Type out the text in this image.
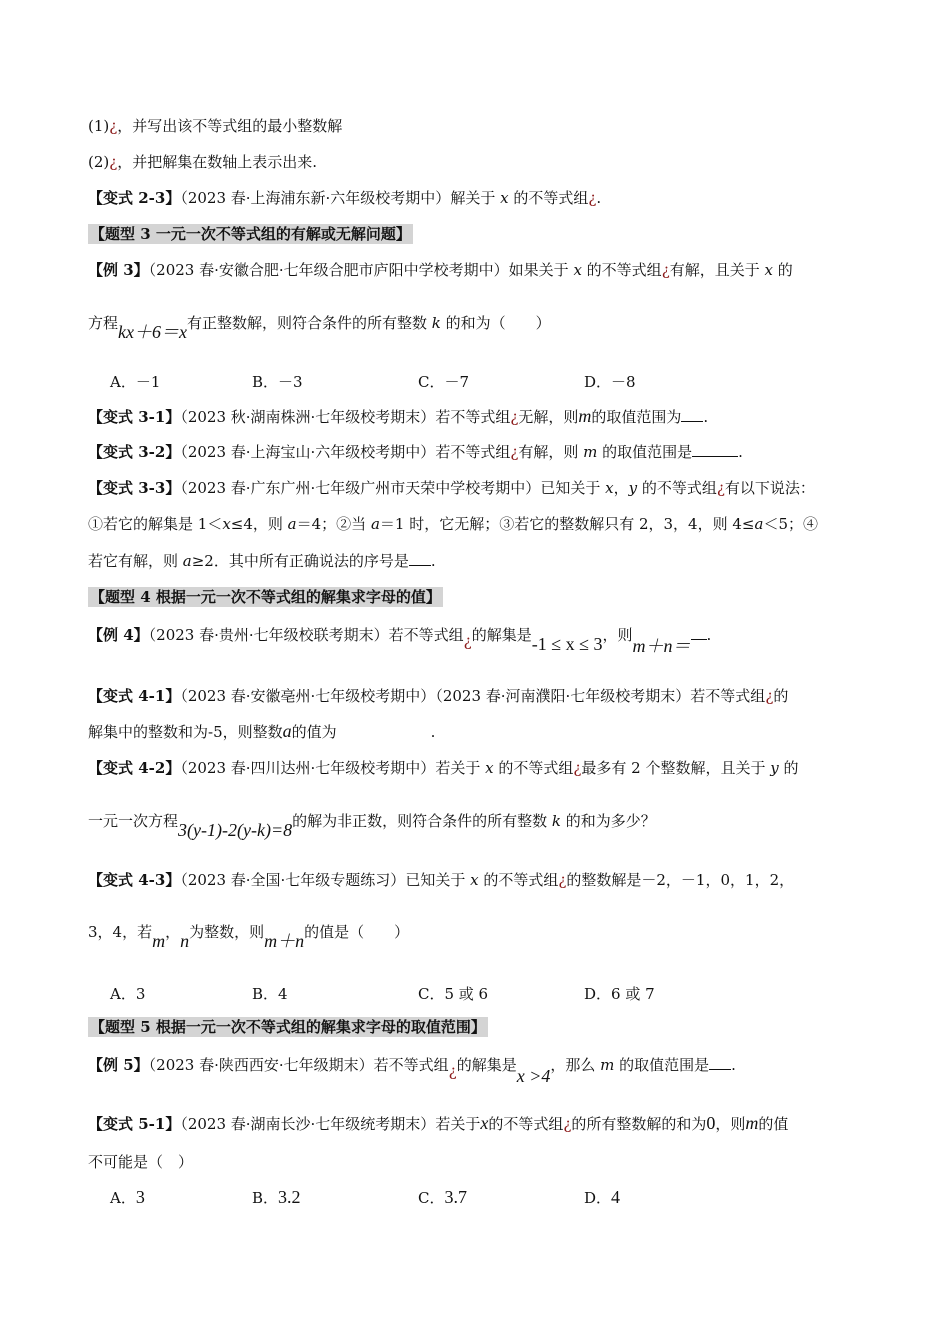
(1)¿，并写出该不等式组的最小整数解
(2)¿，并把解集在数轴上表示出来.
【变式 2-3】（2023 春·上海浦东新·六年级校考期中）解关于 x 的不等式组¿.
【题型 3 一元一次不等式组的有解或无解问题】
【例 3】（2023 春·安徽合肥·七年级合肥市庐阳中学校考期中）如果关于 x 的不等式组¿有解，且关于 x 的
方程kx＋6＝x有正整数解，则符合条件的所有整数 k 的和为（　　）
A．－1	B．－3	C．－7	D．－8
【变式 3-1】（2023 秋·湖南株洲·七年级校考期末）若不等式组¿无解，则m的取值范围为 .
【变式 3-2】（2023 春·上海宝山·六年级校考期中）若不等式组¿有解，则 m 的取值范围是	.
【变式 3-3】（2023 春·广东广州·七年级广州市天荣中学校考期中）已知关于 x，y 的不等式组¿有以下说法：
①若它的解集是 1＜x≤4，则 a＝4；②当 a＝1 时，它无解；③若它的整数解只有 2，3，4，则 4≤a＜5；④
若它有解，则 a≥2．其中所有正确说法的序号是 .
【题型 4 根据一元一次不等式组的解集求字母的值】
【例 4】（2023 春·贵州·七年级校联考期末）若不等式组¿的解集是-1 ≤ x ≤ 3，则m＋n＝.
【变式 4-1】（2023 春·安徽亳州·七年级校考期中）（2023 春·河南濮阳·七年级校考期末）若不等式组¿的
解集中的整数和为-5，则整数a的值为	.
【变式 4-2】（2023 春·四川达州·七年级校考期中）若关于 x 的不等式组¿最多有 2 个整数解，且关于 y 的
一元一次方程3(y-1)-2(y-k)=8的解为非正数，则符合条件的所有整数 k 的和为多少？
【变式 4-3】（2023 春·全国·七年级专题练习）已知关于 x 的不等式组¿的整数解是－2，－1，0，1，2，
3，4，若m，n为整数，则m＋n的值是（　　）
A．3	B．4	C．5 或 6	D．6 或 7
【题型 5 根据一元一次不等式组的解集求字母的取值范围】
【例 5】（2023 春·陕西西安·七年级期末）若不等式组¿的解集是x >4，那么 m 的取值范围是 .
【变式 5-1】（2023 春·湖南长沙·七年级统考期末）若关于x的不等式组¿的所有整数解的和为0，则m的值
不可能是（　）
A．3	B．3.2	C．3.7	D．4
